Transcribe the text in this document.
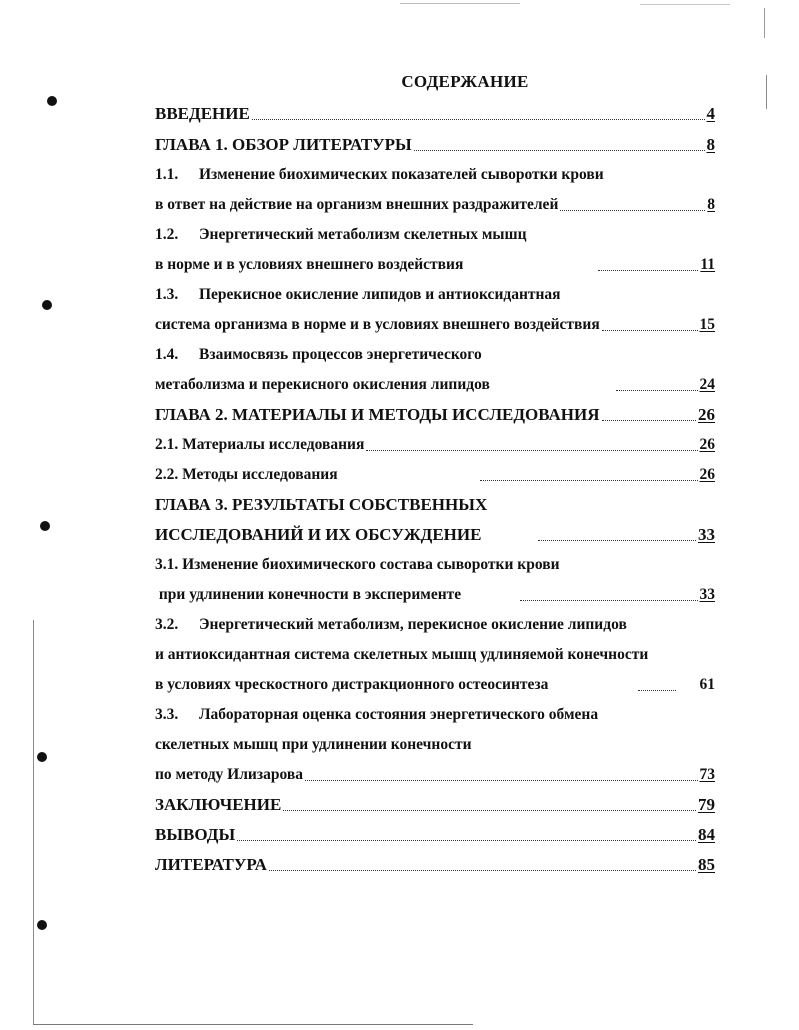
СОДЕРЖАНИЕ
ВВЕДЕНИЕ	4
ГЛАВА 1. ОБЗОР ЛИТЕРАТУРЫ	8
1.1.	Изменение биохимических показателей сыворотки крови
в ответ на действие на организм внешних раздражителей	8
1.2.	Энергетический метаболизм скелетных мышц
в норме и в условиях внешнего воздействия	11
1.3.	Перекисное окисление липидов и антиоксидантная
система организма в норме и в условиях внешнего воздействия	15
1.4.	Взаимосвязь процессов энергетического
метаболизма и перекисного окисления липидов	24
ГЛАВА 2. МАТЕРИАЛЫ И МЕТОДЫ ИССЛЕДОВАНИЯ	26
2.1. Материалы исследования	26
2.2. Методы исследования	26
ГЛАВА 3. РЕЗУЛЬТАТЫ СОБСТВЕННЫХ
ИССЛЕДОВАНИЙ И ИХ ОБСУЖДЕНИЕ	33
3.1. Изменение биохимического состава сыворотки крови
при удлинении конечности в эксперименте	33
3.2.	Энергетический метаболизм, перекисное окисление липидов
и антиоксидантная система скелетных мышц удлиняемой конечности
в условиях чрескостного дистракционного остеосинтеза	61
3.3.	Лабораторная оценка состояния энергетического обмена
скелетных мышц при удлинении конечности
по методу Илизарова	73
ЗАКЛЮЧЕНИЕ	79
ВЫВОДЫ	84
ЛИТЕРАТУРА	85
